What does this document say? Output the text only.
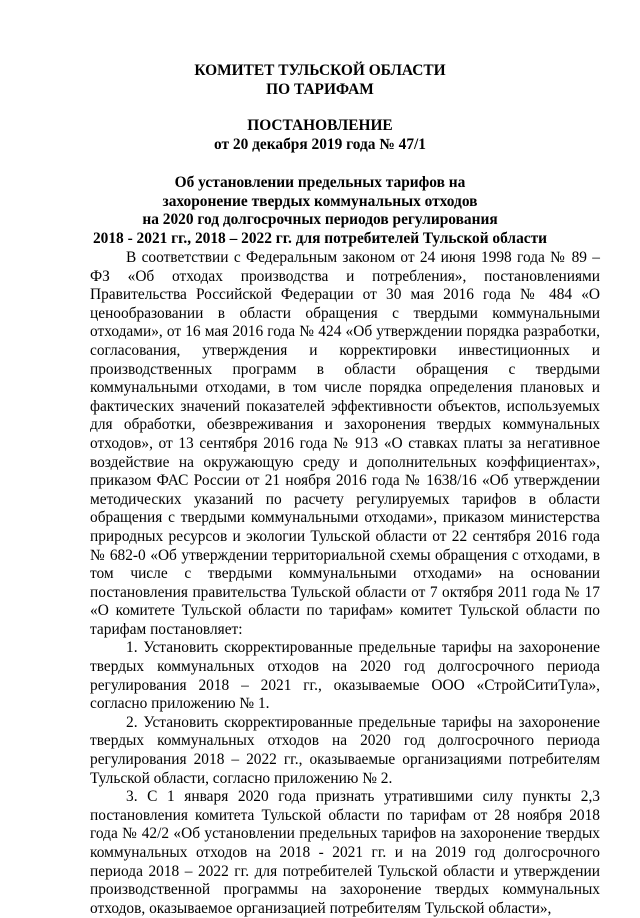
КОМИТЕТ ТУЛЬСКОЙ ОБЛАСТИ
ПО ТАРИФАМ
ПОСТАНОВЛЕНИЕ
от 20 декабря 2019 года № 47/1
Об установлении предельных тарифов на
захоронение твердых коммунальных отходов
на 2020 год долгосрочных периодов регулирования
2018 - 2021 гг., 2018 – 2022 гг. для потребителей Тульской области

В соответствии с Федеральным законом от 24 июня 1998 года № 89 – ФЗ «Об отходах производства и потребления», постановлениями Правительства Российской Федерации от 30 мая 2016 года № 484 «О ценообразовании в области обращения с твердыми коммунальными отходами», от 16 мая 2016 года № 424 «Об утверждении порядка разработки, согласования, утверждения и корректировки инвестиционных и производственных программ в области обращения с твердыми коммунальными отходами, в том числе порядка определения плановых и фактических значений показателей эффективности объектов, используемых для обработки, обезвреживания и захоронения твердых коммунальных отходов», от 13 сентября 2016 года № 913 «О ставках платы за негативное воздействие на окружающую среду и дополнительных коэффициентах», приказом ФАС России от 21 ноября 2016 года № 1638/16 «Об утверждении методических указаний по расчету регулируемых тарифов в области обращения с твердыми коммунальными отходами», приказом министерства природных ресурсов и экологии Тульской области от 22 сентября 2016 года № 682-0 «Об утверждении территориальной схемы обращения с отходами, в том числе с твердыми коммунальными отходами» на основании постановления правительства Тульской области от 7 октября 2011 года № 17 «О комитете Тульской области по тарифам» комитет Тульской области по тарифам постановляет:

1. Установить скорректированные предельные тарифы на захоронение твердых коммунальных отходов на 2020 год долгосрочного периода регулирования 2018 – 2021 гг., оказываемые ООО «СтройСитиТула», согласно приложению № 1.

2. Установить скорректированные предельные тарифы на захоронение твердых коммунальных отходов на 2020 год долгосрочного периода регулирования 2018 – 2022 гг., оказываемые организациями потребителям Тульской области, согласно приложению № 2.

3. С 1 января 2020 года признать утратившими силу пункты 2,3 постановления комитета Тульской области по тарифам от 28 ноября 2018 года № 42/2 «Об установлении предельных тарифов на захоронение твердых коммунальных отходов на 2018 - 2021 гг. и на 2019 год долгосрочного периода 2018 – 2022 гг. для потребителей Тульской области и утверждении производственной программы на захоронение твердых коммунальных отходов, оказываемое организацией потребителям Тульской области»,
